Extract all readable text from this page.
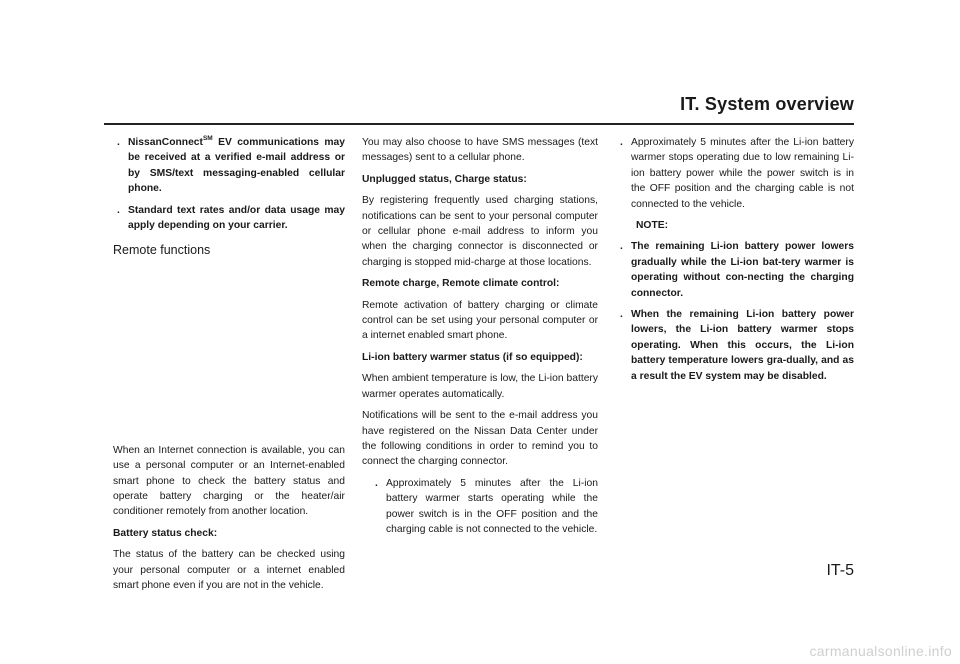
IT. System overview
. NissanConnect℠ EV communications may be received at a verified e-mail address or by SMS/text messaging-enabled cellular phone.
. Standard text rates and/or data usage may apply depending on your carrier.
Remote functions

When an Internet connection is available, you can use a personal computer or an Internet-enabled smart phone to check the battery status and operate battery charging or the heater/air conditioner remotely from another location.

Battery status check:

The status of the battery can be checked using your personal computer or a internet enabled smart phone even if you are not in the vehicle.

You may also choose to have SMS messages (text messages) sent to a cellular phone.

Unplugged status, Charge status:

By registering frequently used charging stations, notifications can be sent to your personal computer or cellular phone e-mail address to inform you when the charging connector is disconnected or charging is stopped mid-charge at those locations.

Remote charge, Remote climate control:

Remote activation of battery charging or climate control can be set using your personal computer or a internet enabled smart phone.

Li-ion battery warmer status (if so equipped):

When ambient temperature is low, the Li-ion battery warmer operates automatically.

Notifications will be sent to the e-mail address you have registered on the Nissan Data Center under the following conditions in order to remind you to connect the charging connector.

. Approximately 5 minutes after the Li-ion battery warmer starts operating while the power switch is in the OFF position and the charging cable is not connected to the vehicle.
. Approximately 5 minutes after the Li-ion battery warmer stops operating due to low remaining Li-ion battery power while the power switch is in the OFF position and the charging cable is not connected to the vehicle.
NOTE:
. The remaining Li-ion battery power lowers gradually while the Li-ion bat-tery warmer is operating without con-necting the charging connector.
. When the remaining Li-ion battery power lowers, the Li-ion battery warmer stops operating. When this occurs, the Li-ion battery temperature lowers gra-dually, and as a result the EV system may be disabled.
IT-5
carmanualsonline.info
